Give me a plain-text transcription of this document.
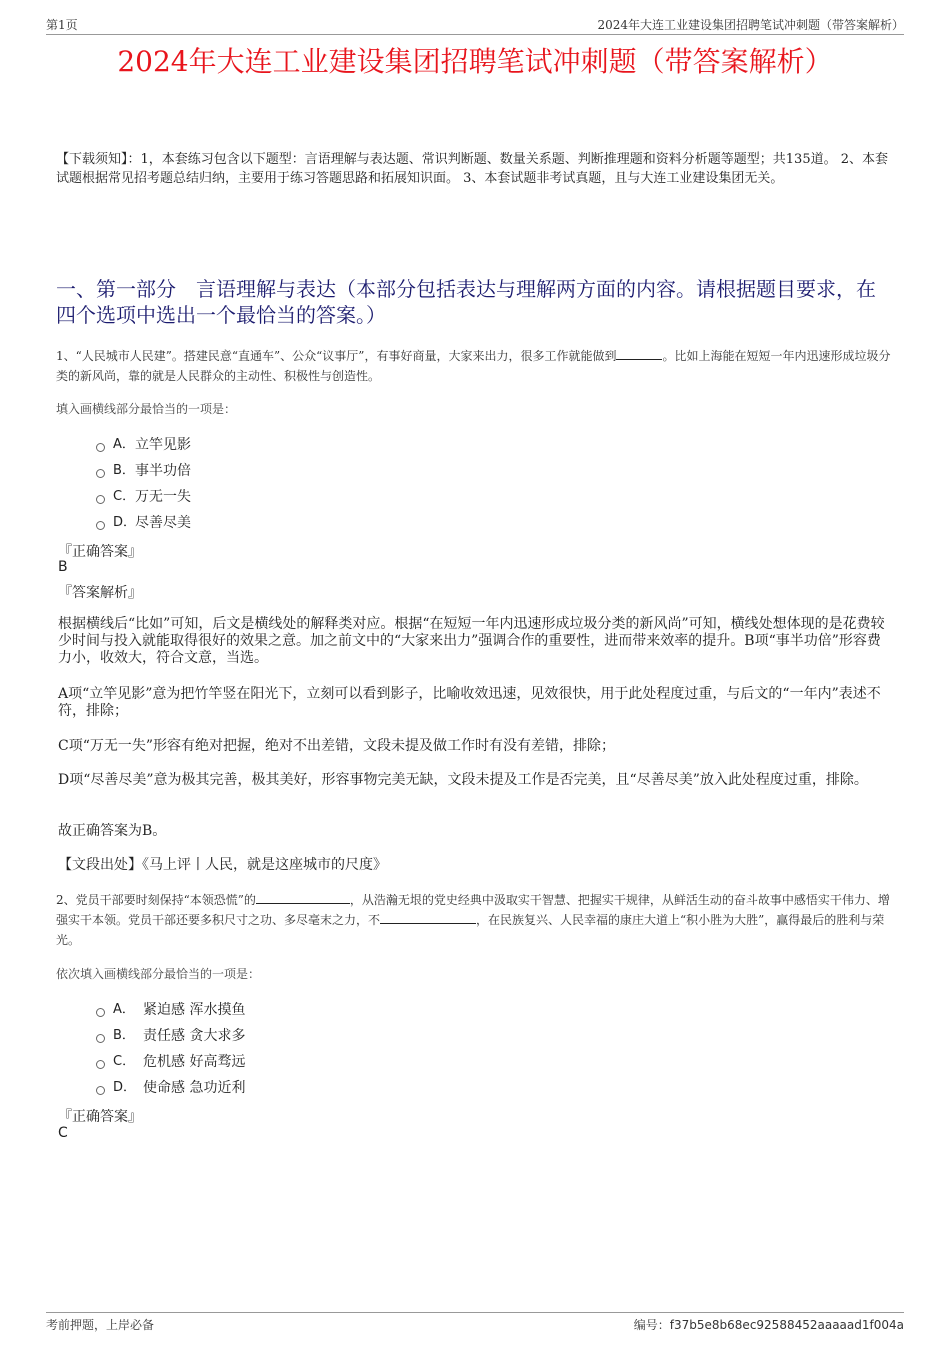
第1页	2024年大连工业建设集团招聘笔试冲刺题（带答案解析）
2024年大连工业建设集团招聘笔试冲刺题（带答案解析）
【下载须知】：1，本套练习包含以下题型：言语理解与表达题、常识判断题、数量关系题、判断推理题和资料分析题等题型；共135道。 2、本套试题根据常见招考题总结归纳，主要用于练习答题思路和拓展知识面。 3、本套试题非考试真题，且与大连工业建设集团无关。
一、第一部分　言语理解与表达（本部分包括表达与理解两方面的内容。请根据题目要求，在四个选项中选出一个最恰当的答案。）
1、“人民城市人民建”。搭建民意“直通车”、公众“议事厅”，有事好商量，大家来出力，很多工作就能做到	。比如上海能在短短一年内迅速形成垃圾分类的新风尚，靠的就是人民群众的主动性、积极性与创造性。
填入画横线部分最恰当的一项是：
A． 立竿见影
B． 事半功倍
C． 万无一失
D．
尽善尽美
『正确答案』
B
『答案解析』
根据横线后“比如”可知，后文是横线处的解释类对应。根据“在短短一年内迅速形成垃圾分类的新风尚”可知，横线处想体现的是花费较少时间与投入就能取得很好的效果之意。加之前文中的“大家来出力”强调合作的重要性，进而带来效率的提升。B项“事半功倍”形容费力小，收效大，符合文意，当选。
A项“立竿见影”意为把竹竿竖在阳光下，立刻可以看到影子，比喻收效迅速，见效很快，用于此处程度过重，与后文的“一年内”表述不符，排除；
C项“万无一失”形容有绝对把握，绝对不出差错，文段未提及做工作时有没有差错，排除；
D项“尽善尽美”意为极其完善，极其美好，形容事物完美无缺，文段未提及工作是否完美，且“尽善尽美”放入此处程度过重，排除。
故正确答案为B。
【文段出处】《马上评丨人民，就是这座城市的尺度》
2、党员干部要时刻保持“本领恐慌”的	，从浩瀚无垠的党史经典中汲取实干智慧、把握实干规律，从鲜活生动的奋斗故事中感悟实干伟力、增强实干本领。党员干部还要多积尺寸之功、多尽毫末之力，不	，在民族复兴、人民幸福的康庄大道上“积小胜为大胜”，赢得最后的胜利与荣光。
依次填入画横线部分最恰当的一项是：
A． 紧迫感 浑水摸鱼
B． 责任感 贪大求多
C． 危机感 好高骛远
D． 使命感 急功近利
『正确答案』
C
考前押题，上岸必备	编号：f37b5e8b68ec92588452aaaaad1f004a
